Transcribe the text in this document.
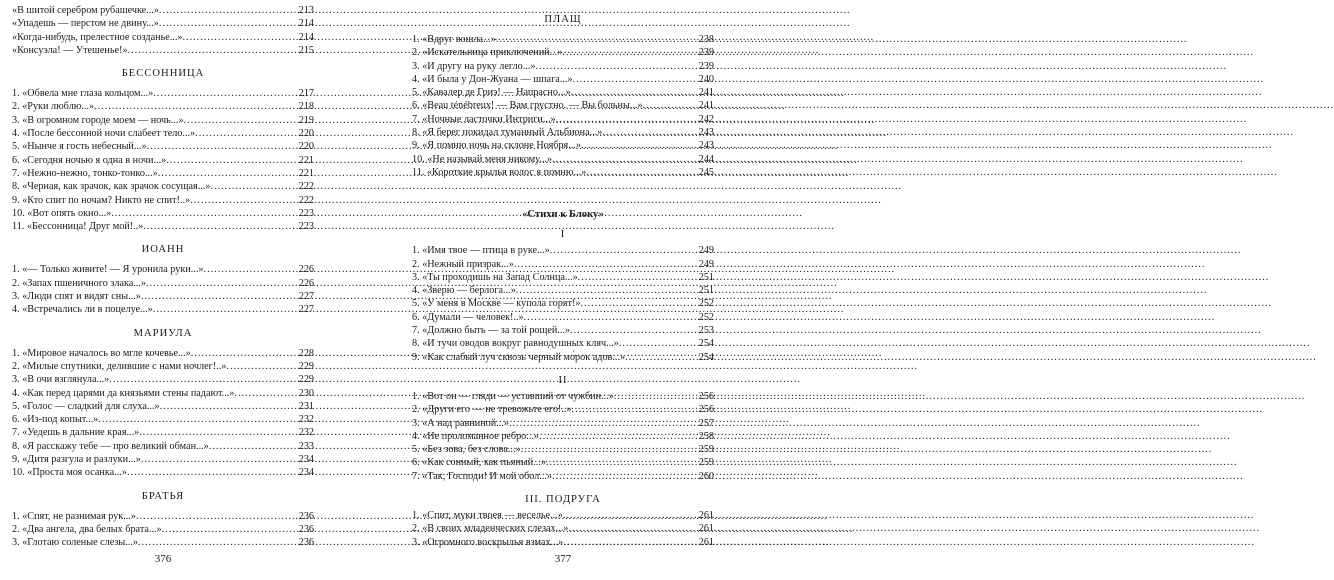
«В шитой серебром рубашечке...» .....	213
«Упадешь — перстом не двину...» .....	214
«Когда-нибудь, прелестное созданье...» .....	214
«Консуэла! — Утешенье!» .....	215
БЕССОННИЦА
1. «Обвела мне глаза кольцом...» .....	217
2. «Руки люблю...» .....	218
3. «В огромном городе моем — ночь...» .....	219
4. «После бессонной ночи слабеет тело...» .....	220
5. «Нынче я гость небесный...» .....	220
6. «Сегодня ночью я одна в ночи...» .....	221
7. «Нежно-нежно, тонко-тонко...» .....	221
8. «Черная, как зрачок, как зрачок сосущая...» .....	222
9. «Кто спит по ночам? Никто не спит!..» .....	222
10. «Вот опять окно...» .....	223
11. «Бессонница! Друг мой!..» .....	223
ИОАНН
1. «— Только живите! — Я уронила руки...» .....	226
2. «Запах пшеничного злака...» .....	226
3. «Люди спят и видят сны...» .....	227
4. «Встречались ли в поцелуе...» .....	227
МАРИУЛА
1. «Мировое началось во мгле кочевье...» .....	228
2. «Милые спутники, делившие с нами ночлег!..» .....	229
3. «В очи взглянула...» .....	229
4. «Как перед царями да князьями стены падают...» .....	230
5. «Голос — сладкий для слуха...» .....	231
6. «Из-под копыт...» .....	232
7. «Уедешь в дальние края...» .....	232
8. «Я расскажу тебе — про великий обман...» .....	233
9. «Дитя разгула и разлуки...» .....	234
10. «Проста моя осанка...» .....	234
БРАТЬЯ
1. «Спят, не разнимая рук...» .....	236
2. «Два ангела, два белых брата...» .....	236
3. «Глотаю соленые слезы...» .....	236
376
ПЛАЩ
1. «Вдруг вошла...» .....	238
2. «Искательница приключений...» .....	239
3. «И другу на руку легло...» .....	239
4. «И была у Дон-Жуана — шпага...» .....	240
5. «Кавалер де Гриэ! — Напрасно...» .....	241
6. «Beau ténébreux! — Вам грустно. — Вы больны...» .....	241
7. «Ночные ласточки Интриги...» .....	242
8. «Я берег покидал туманный Альбиона...» .....	243
9. «Я помню ночь на склоне Ноября...» .....	243
10. «Не называй меня никому...» .....	244
11. «Короткие крылья волос я помню...» .....	245
«Стихи к Блоку»
I
1. «Имя твое — птица в руке...» .....	249
2. «Нежный призрак...» .....	249
3. «Ты проходишь на Запад Солнца...» .....	251
4. «Зверю — берлога...» .....	251
5. «У меня в Москве — купола горят!» .....	252
6. «Думали — человек!..» .....	252
7. «Должно быть — за той рощей...» .....	253
8. «И тучи оводов вокруг равнодушных кляч...» .....	254
9. «Как слабый луч сквозь черный мо́рок адов...» .....	254
II
1. «Вот он — гляди — уставший от чужбин...» .....	256
2. «Други его — не тревожьте его!..» .....	256
3. «А над равниной...» .....	257
4. «Не проломанное ребро...» .....	258
5. «Без зова, без слова...» .....	259
6. «Как сонный, как пьяный...» .....	259
7. «Так, Господи! И мой обол...» .....	260
III. ПОДРУГА
1. «Спит, муки твоея — веселье...» .....	261
2. «В своих младенческих слезах...» .....	261
3. «Огромного воскрылья взмах...» .....	261
377
